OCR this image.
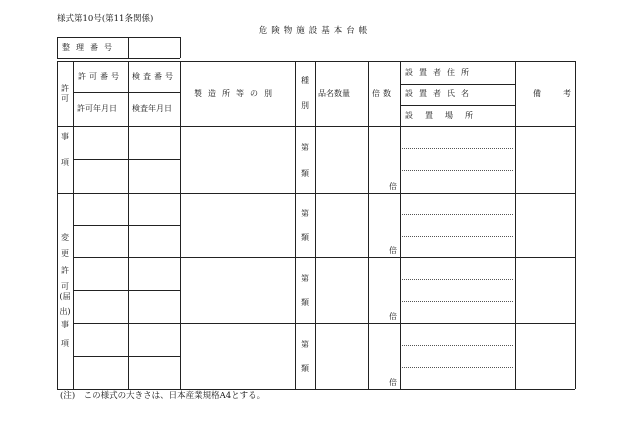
様式第10号(第11条関係)
危険物施設基本台帳
整理番号
許可
事
項
許可番号 検査番号
許可年月日 検査年月日
製造所等の別
種
別
品名数量	倍数
設置者住所
設置者氏名
設置場所
備考
変
更
許
可(届
出)
事
項
第
類
倍
第
類
倍
第
類
倍
第
類
倍
(注)　この様式の大きさは、日本産業規格A4とする。
